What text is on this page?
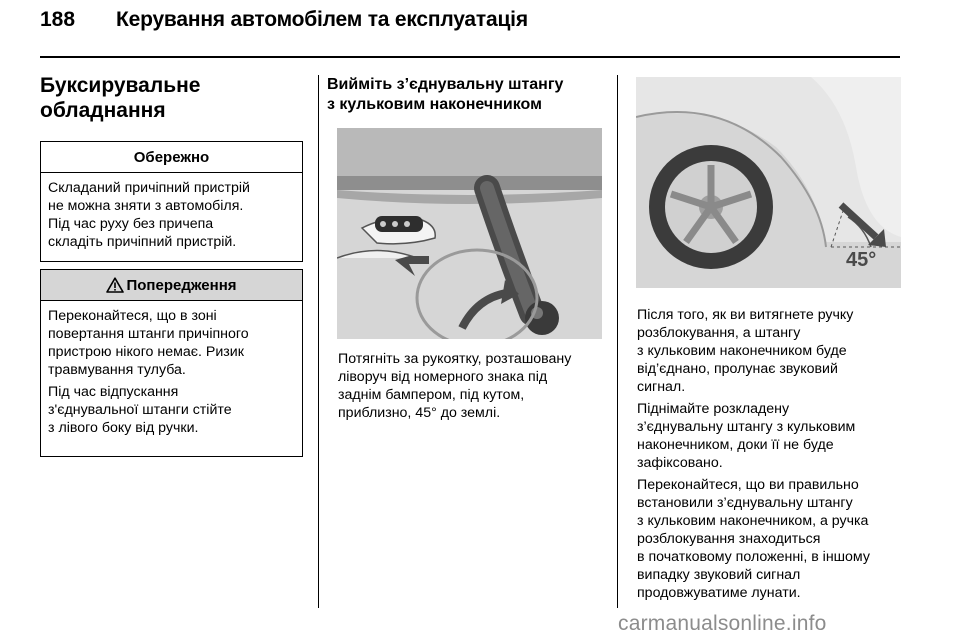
188 Керування автомобілем та експлуатація
Буксирувальне
обладнання
Обережно
Складаний причіпний пристрій
не можна зняти з автомобіля.
Під час руху без причепа
складіть причіпний пристрій.
Попередження

Переконайтеся, що в зоні
повертання штанги причіпного
пристрою нікого немає. Ризик
травмування тулуба.

Під час відпускання
з'єднувальної штанги стійте
з лівого боку від ручки.

Вийміть з’єднувальну штангу
з кульковим наконечником
Потягніть за рукоятку, розташовану
ліворуч від номерного знака під
заднім бампером, під кутом,
приблизно, 45° до землі.
45°

Після того, як ви витягнете ручку
розблокування, а штангу
з кульковим наконечником буде
від’єднано, пролунає звуковий
сигнал.

Піднімайте розкладену
з’єднувальну штангу з кульковим
наконечником, доки її не буде
зафіксовано.

Переконайтеся, що ви правильно
встановили з’єднувальну штангу
з кульковим наконечником, а ручка
розблокування знаходиться
в початковому положенні, в іншому
випадку звуковий сигнал
продовжуватиме лунати.

carmanualsonline.info
